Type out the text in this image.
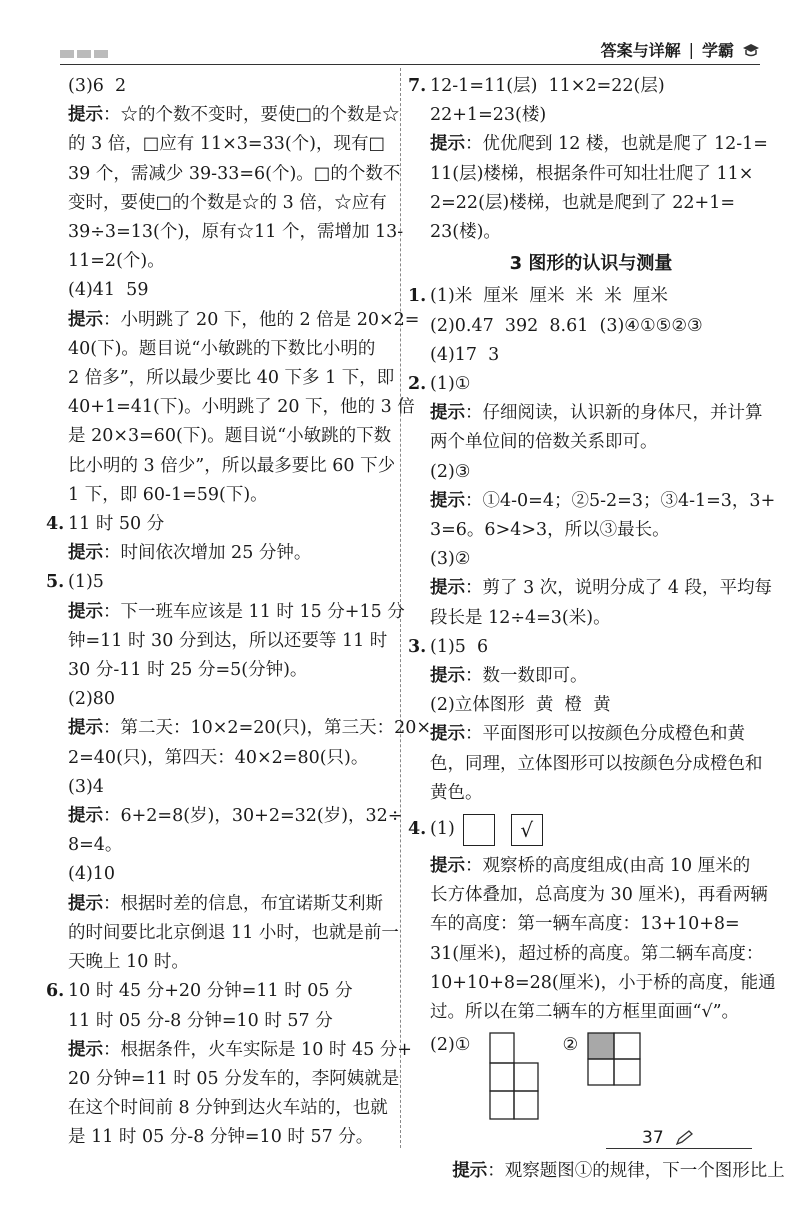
答案与详解 | 学霸
(3)6  2
提示：☆的个数不变时，要使□的个数是☆
的 3 倍，□应有 11×3=33(个)，现有□
39 个，需减少 39-33=6(个)。□的个数不
变时，要使□的个数是☆的 3 倍，☆应有
39÷3=13(个)，原有☆11 个，需增加 13-
11=2(个)。
(4)41  59
提示：小明跳了 20 下，他的 2 倍是 20×2=
40(下)。题目说“小敏跳的下数比小明的
2 倍多”，所以最少要比 40 下多 1 下，即
40+1=41(下)。小明跳了 20 下，他的 3 倍
是 20×3=60(下)。题目说“小敏跳的下数
比小明的 3 倍少”，所以最多要比 60 下少
1 下，即 60-1=59(下)。
4. 11 时 50 分
提示：时间依次增加 25 分钟。
5. (1)5
提示：下一班车应该是 11 时 15 分+15 分
钟=11 时 30 分到达，所以还要等 11 时
30 分-11 时 25 分=5(分钟)。
(2)80
提示：第二天：10×2=20(只)，第三天：20×
2=40(只)，第四天：40×2=80(只)。
(3)4
提示：6+2=8(岁)，30+2=32(岁)，32÷
8=4。
(4)10
提示：根据时差的信息，布宜诺斯艾利斯
的时间要比北京倒退 11 小时，也就是前一
天晚上 10 时。
6. 10 时 45 分+20 分钟=11 时 05 分
11 时 05 分-8 分钟=10 时 57 分
提示：根据条件，火车实际是 10 时 45 分+
20 分钟=11 时 05 分发车的，李阿姨就是
在这个时间前 8 分钟到达火车站的，也就
是 11 时 05 分-8 分钟=10 时 57 分。
7. 12-1=11(层)  11×2=22(层)
22+1=23(楼)
提示：优优爬到 12 楼，也就是爬了 12-1=
11(层)楼梯，根据条件可知壮壮爬了 11×
2=22(层)楼梯，也就是爬到了 22+1=
23(楼)。
3 图形的认识与测量
1. (1)米  厘米  厘米  米  米  厘米
(2)0.47  392  8.61  (3)④①⑤②③
(4)17  3
2. (1)①
提示：仔细阅读，认识新的身体尺，并计算
两个单位间的倍数关系即可。
(2)③
提示：①4-0=4；②5-2=3；③4-1=3，3+
3=6。6>4>3，所以③最长。
(3)②
提示：剪了 3 次，说明分成了 4 段，平均每
段长是 12÷4=3(米)。
3. (1)5  6
提示：数一数即可。
(2)立体图形  黄  橙  黄
提示：平面图形可以按颜色分成橙色和黄
色，同理，立体图形可以按颜色分成橙色和
黄色。
4. (1)	√
提示：观察桥的高度组成(由高 10 厘米的
长方体叠加，总高度为 30 厘米)，再看两辆
车的高度：第一辆车高度：13+10+8=
31(厘米)，超过桥的高度。第二辆车高度：
10+10+8=28(厘米)，小于桥的高度，能通
过。所以在第二辆车的方框里面画“√”。
(2)①	②

提示：观察题图①的规律，下一个图形比上

37
